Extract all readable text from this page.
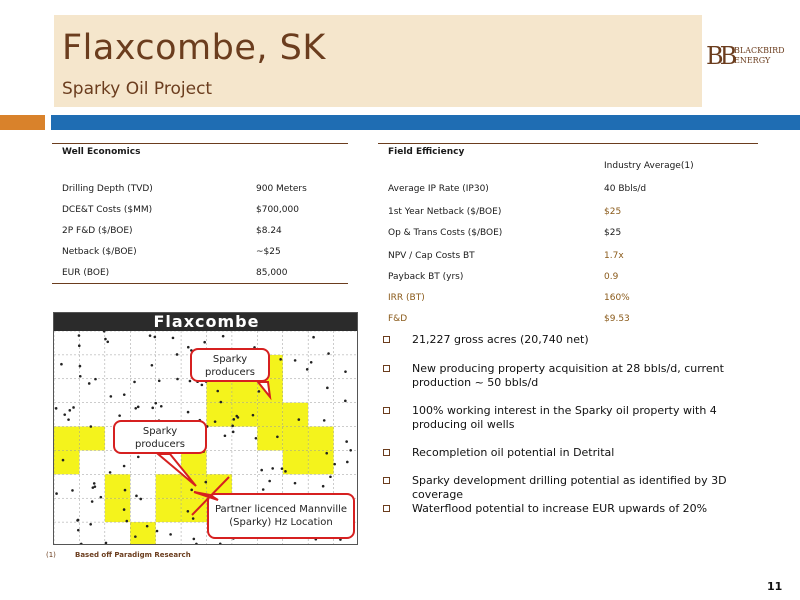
Flaxcombe, SK
Sparky Oil Project
BB BLACKBIRD
ENERGY
Well Economics
Drilling Depth (TVD)	900 Meters
DCE&T Costs ($MM)	$700,000
2P F&D ($/BOE)	$8.24
Netback ($/BOE)	~$25
EUR (BOE)	85,000
Field Efficiency
Industry Average(1)
Average IP Rate (IP30)	40 Bbls/d
1st Year Netback ($/BOE)	$25
Op & Trans Costs ($/BOE)	$25
NPV / Cap Costs BT	1.7x
Payback BT (yrs)	0.9
IRR (BT)	160%
F&D	$9.53
Flaxcombe
Sparky producers
Sparky producers
Partner licenced Mannville (Sparky) Hz Location
21,227 gross acres (20,740 net)
New producing property acquisition at 28 bbls/d, current production ~ 50 bbls/d
100% working interest in the Sparky oil property with 4 producing oil wells
Recompletion oil potential in Detrital
Sparky development drilling potential as identified by 3D coverage
Waterflood potential to increase EUR upwards of 20%
(1)	Based off Paradigm Research
11
